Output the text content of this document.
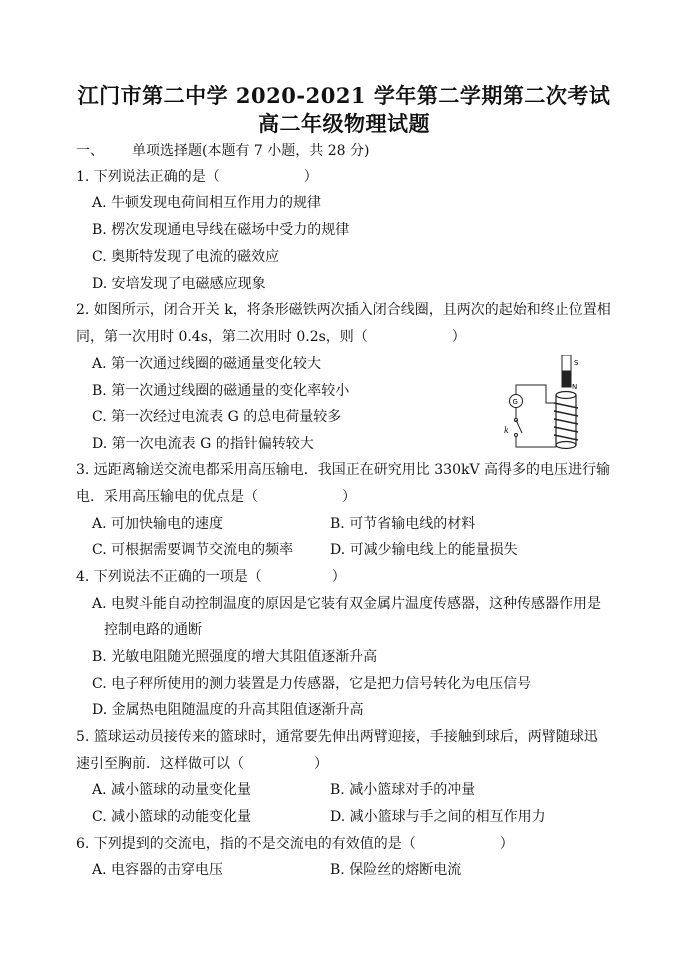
江门市第二中学 2020-2021 学年第二学期第二次考试
高二年级物理试题
一、 单项选择题(本题有 7 小题，共 28 分)
1. 下列说法正确的是（　　　　　　）
A. 牛顿发现电荷间相互作用力的规律
B. 楞次发现通电导线在磁场中受力的规律
C. 奥斯特发现了电流的磁效应
D. 安培发现了电磁感应现象
2. 如图所示，闭合开关 k，将条形磁铁两次插入闭合线圈，且两次的起始和终止位置相
同，第一次用时 0.4s，第二次用时 0.2s，则（　　　　　　）
A. 第一次通过线圈的磁通量变化较大
B. 第一次通过线圈的磁通量的变化率较小
C. 第一次经过电流表 G 的总电荷量较多
D. 第一次电流表 G 的指针偏转较大
S
N
G
k
3. 远距离输送交流电都采用高压输电．我国正在研究用比 330kV 高得多的电压进行输
电．采用高压输电的优点是（　　　　　　）
A. 可加快输电的速度	B. 可节省输电线的材料
C. 可根据需要调节交流电的频率	D. 可减少输电线上的能量损失
4. 下列说法不正确的一项是（　　　　　）
A. 电熨斗能自动控制温度的原因是它装有双金属片温度传感器，这种传感器作用是
控制电路的通断
B. 光敏电阻随光照强度的增大其阻值逐渐升高
C. 电子秤所使用的测力装置是力传感器，它是把力信号转化为电压信号
D. 金属热电阻随温度的升高其阻值逐渐升高
5. 篮球运动员接传来的篮球时，通常要先伸出两臂迎接，手接触到球后，两臂随球迅
速引至胸前．这样做可以（　　　　　）
A. 减小篮球的动量变化量	B. 减小篮球对手的冲量
C. 减小篮球的动能变化量	D. 减小篮球与手之间的相互作用力
6. 下列提到的交流电，指的不是交流电的有效值的是（　　　　　　）
A. 电容器的击穿电压	B. 保险丝的熔断电流
